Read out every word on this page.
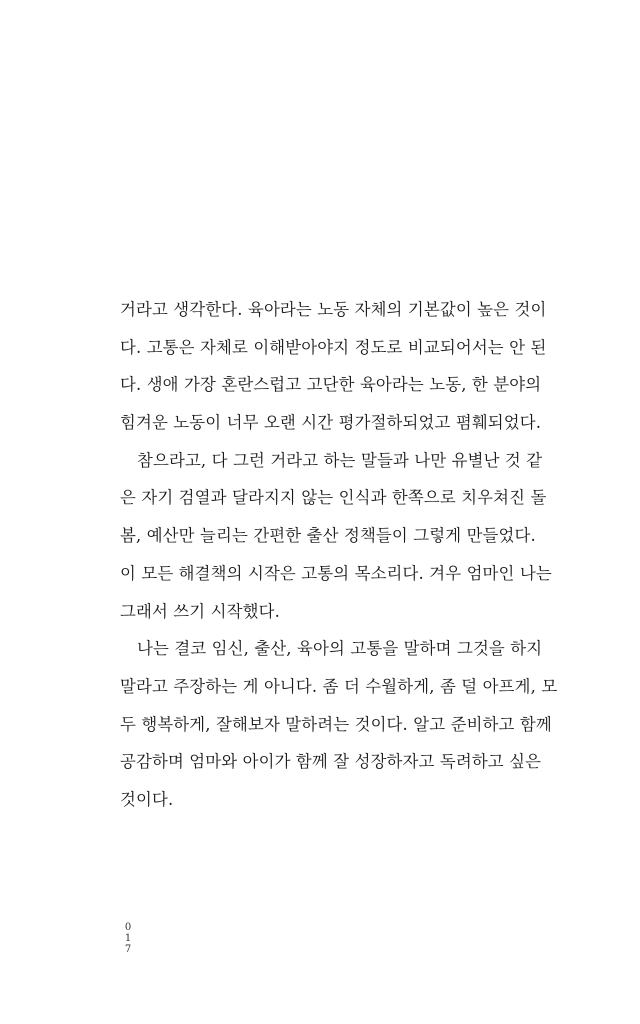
거라고 생각한다. 육아라는 노동 자체의 기본값이 높은 것이
다. 고통은 자체로 이해받아야지 정도로 비교되어서는 안 된
다. 생애 가장 혼란스럽고 고단한 육아라는 노동, 한 분야의
힘겨운 노동이 너무 오랜 시간 평가절하되었고 폄훼되었다.
참으라고, 다 그런 거라고 하는 말들과 나만 유별난 것 같
은 자기 검열과 달라지지 않는 인식과 한쪽으로 치우쳐진 돌
봄, 예산만 늘리는 간편한 출산 정책들이 그렇게 만들었다.
이 모든 해결책의 시작은 고통의 목소리다. 겨우 엄마인 나는
그래서 쓰기 시작했다.
나는 결코 임신, 출산, 육아의 고통을 말하며 그것을 하지
말라고 주장하는 게 아니다. 좀 더 수월하게, 좀 덜 아프게, 모
두 행복하게, 잘해보자 말하려는 것이다. 알고 준비하고 함께
공감하며 엄마와 아이가 함께 잘 성장하자고 독려하고 싶은
것이다.
0
1
7
